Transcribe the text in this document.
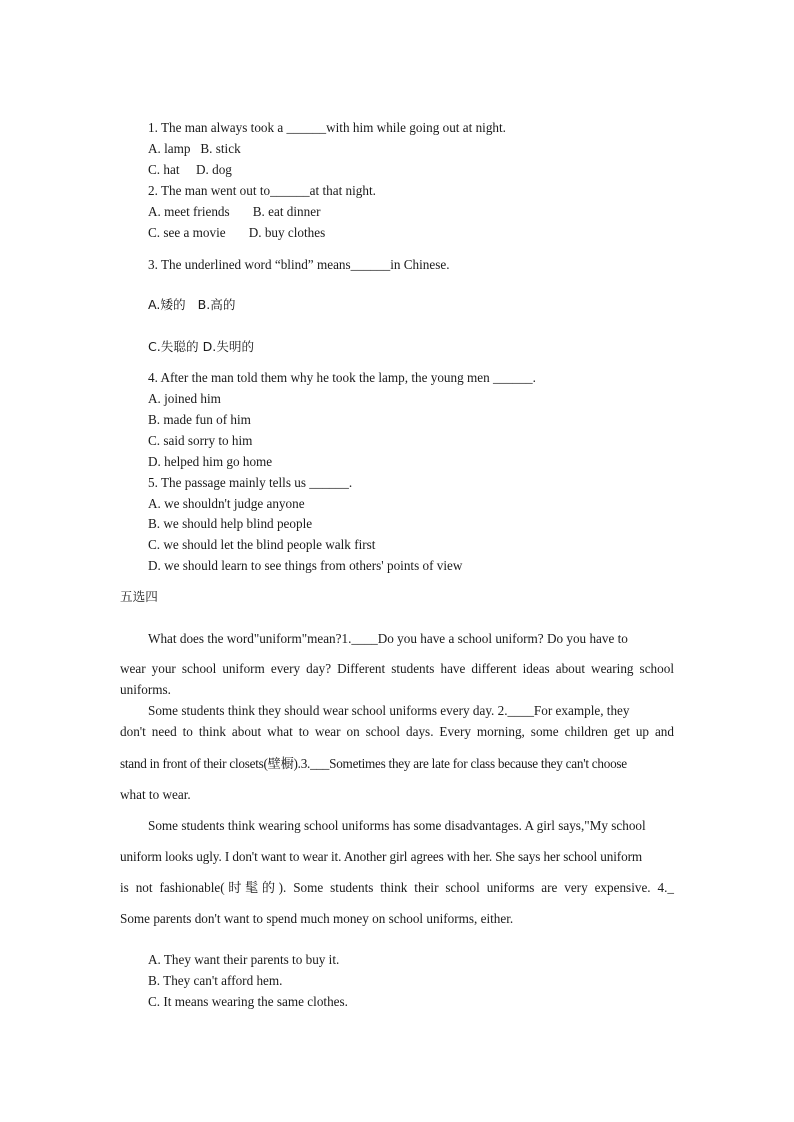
1. The man always took a ______with him while going out at night.
A. lamp   B. stick
C. hat     D. dog
2. The man went out to______at that night.
A. meet friends       B. eat dinner
C. see a movie       D. buy clothes
3. The underlined word “blind” means______in Chinese.
A.矮的   B.高的
C.失聪的 D.失明的
4. After the man told them why he took the lamp, the young men ______.
A. joined him
B. made fun of him
C. said sorry to him
D. helped him go home
5. The passage mainly tells us ______.
A. we shouldn't judge anyone
B. we should help blind people
C. we should let the blind people walk first
D. we should learn to see things from others' points of view
五选四
What does the word"uniform"mean?1.____Do you have a school uniform? Do you have to
wear your school uniform every day? Different students have different ideas about wearing school
uniforms.
Some students think they should wear school uniforms every day. 2.____For example, they
don't need to think about what to wear on school days. Every morning, some children get up and
stand in front of their closets(壁橱).3.___Sometimes they are late for class because they can't choose
what to wear.
Some students think wearing school uniforms has some disadvantages. A girl says,"My school
uniform looks ugly. I don't want to wear it. Another girl agrees with her. She says her school uniform
is not fashionable(时髦的). Some students think their school uniforms are very expensive. 4._
Some parents don't want to spend much money on school uniforms, either.
A. They want their parents to buy it.
B. They can't afford hem.
C. It means wearing the same clothes.
